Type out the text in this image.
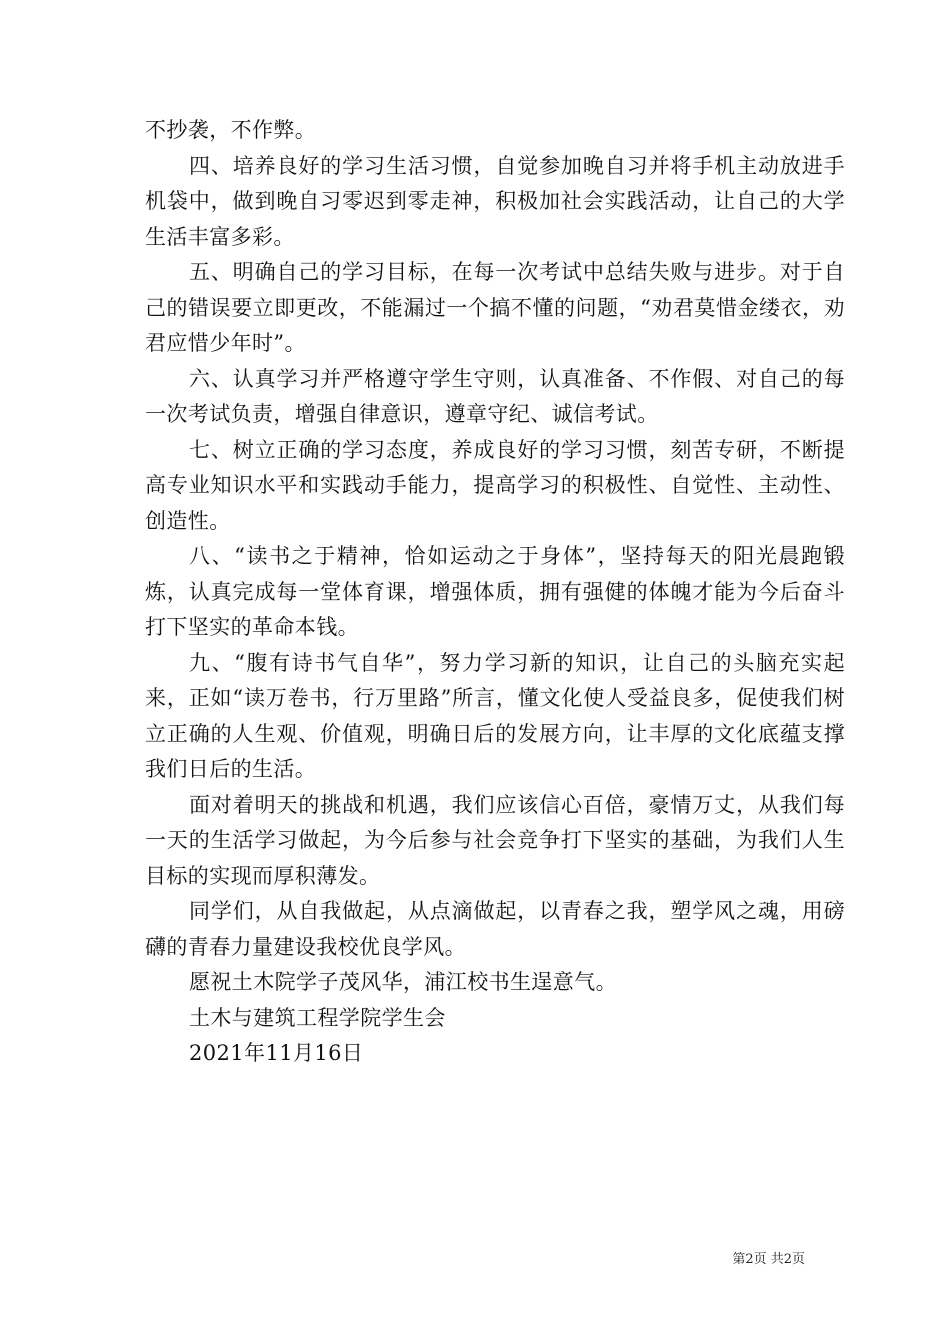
不抄袭，不作弊。

四、培养良好的学习生活习惯，自觉参加晚自习并将手机主动放进手机袋中，做到晚自习零迟到零走神，积极加社会实践活动，让自己的大学生活丰富多彩。

五、明确自己的学习目标，在每一次考试中总结失败与进步。对于自己的错误要立即更改，不能漏过一个搞不懂的问题，“劝君莫惜金缕衣，劝君应惜少年时”。

六、认真学习并严格遵守学生守则，认真准备、不作假、对自己的每一次考试负责，增强自律意识，遵章守纪、诚信考试。

七、树立正确的学习态度，养成良好的学习习惯，刻苦专研，不断提高专业知识水平和实践动手能力，提高学习的积极性、自觉性、主动性、创造性。

八、“读书之于精神，恰如运动之于身体”，坚持每天的阳光晨跑锻炼，认真完成每一堂体育课，增强体质，拥有强健的体魄才能为今后奋斗打下坚实的革命本钱。

九、“腹有诗书气自华”，努力学习新的知识，让自己的头脑充实起来，正如“读万卷书，行万里路”所言，懂文化使人受益良多，促使我们树立正确的人生观、价值观，明确日后的发展方向，让丰厚的文化底蕴支撑我们日后的生活。

面对着明天的挑战和机遇，我们应该信心百倍，豪情万丈，从我们每一天的生活学习做起，为今后参与社会竞争打下坚实的基础，为我们人生目标的实现而厚积薄发。

同学们，从自我做起，从点滴做起，以青春之我，塑学风之魂，用磅礴的青春力量建设我校优良学风。

愿祝土木院学子茂风华，浦江校书生逞意气。

土木与建筑工程学院学生会

2021年11月16日

第2页 共2页
